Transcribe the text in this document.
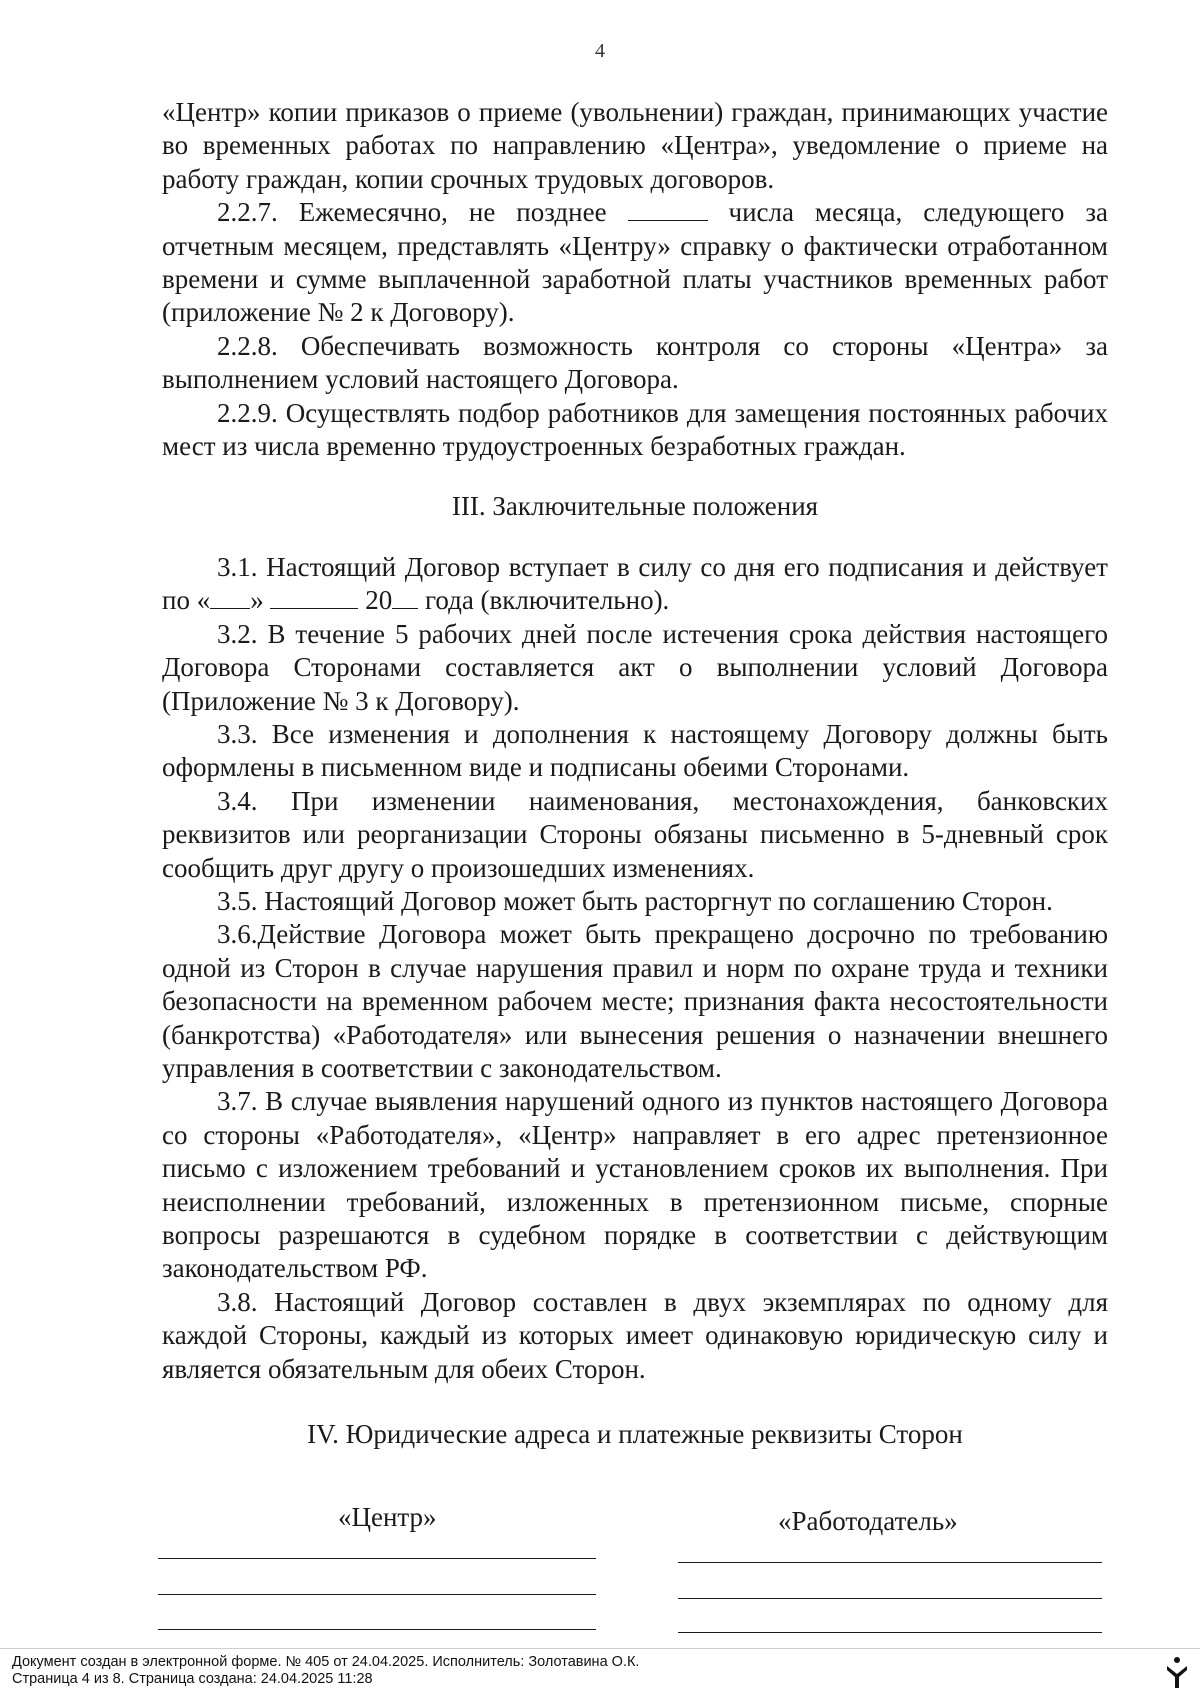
4

«Центр» копии приказов о приеме (увольнении) граждан, принимающих участие во временных работах по направлению «Центра», уведомление о приеме на работу граждан, копии срочных трудовых договоров.

2.2.7. Ежемесячно, не позднее	числа месяца, следующего за отчетным месяцем, представлять «Центру» справку о фактически отработанном времени и сумме выплаченной заработной платы участников временных работ (приложение № 2 к Договору).

2.2.8. Обеспечивать возможность контроля со стороны «Центра» за выполнением условий настоящего Договора.

2.2.9. Осуществлять подбор работников для замещения постоянных рабочих мест из числа временно трудоустроенных безработных граждан.

III. Заключительные положения

3.1. Настоящий Договор вступает в силу со дня его подписания и действует по « »	20 года (включительно).

3.2. В течение 5 рабочих дней после истечения срока действия настоящего Договора Сторонами составляется акт о выполнении условий Договора (Приложение № 3 к Договору).

3.3. Все изменения и дополнения к настоящему Договору должны быть оформлены в письменном виде и подписаны обеими Сторонами.

3.4. При изменении наименования, местонахождения, банковских реквизитов или реорганизации Стороны обязаны письменно в 5-дневный срок сообщить друг другу о произошедших изменениях.

3.5. Настоящий Договор может быть расторгнут по соглашению Сторон.

3.6.Действие Договора может быть прекращено досрочно по требованию одной из Сторон в случае нарушения правил и норм по охране труда и техники безопасности на временном рабочем месте; признания факта несостоятельности (банкротства) «Работодателя» или вынесения решения о назначении внешнего управления в соответствии с законодательством.

3.7. В случае выявления нарушений одного из пунктов настоящего Договора со стороны «Работодателя», «Центр» направляет в его адрес претензионное письмо с изложением требований и установлением сроков их выполнения. При неисполнении требований, изложенных в претензионном письме, спорные вопросы разрешаются в судебном порядке в соответствии с действующим законодательством РФ.

3.8. Настоящий Договор составлен в двух экземплярах по одному для каждой Стороны, каждый из которых имеет одинаковую юридическую силу и является обязательным для обеих Сторон.

IV. Юридические адреса и платежные реквизиты Сторон

«Центр»	«Работодатель»
Документ создан в электронной форме. № 405 от 24.04.2025. Исполнитель: Золотавина О.К.
Страница 4 из 8. Страница создана: 24.04.2025 11:28
